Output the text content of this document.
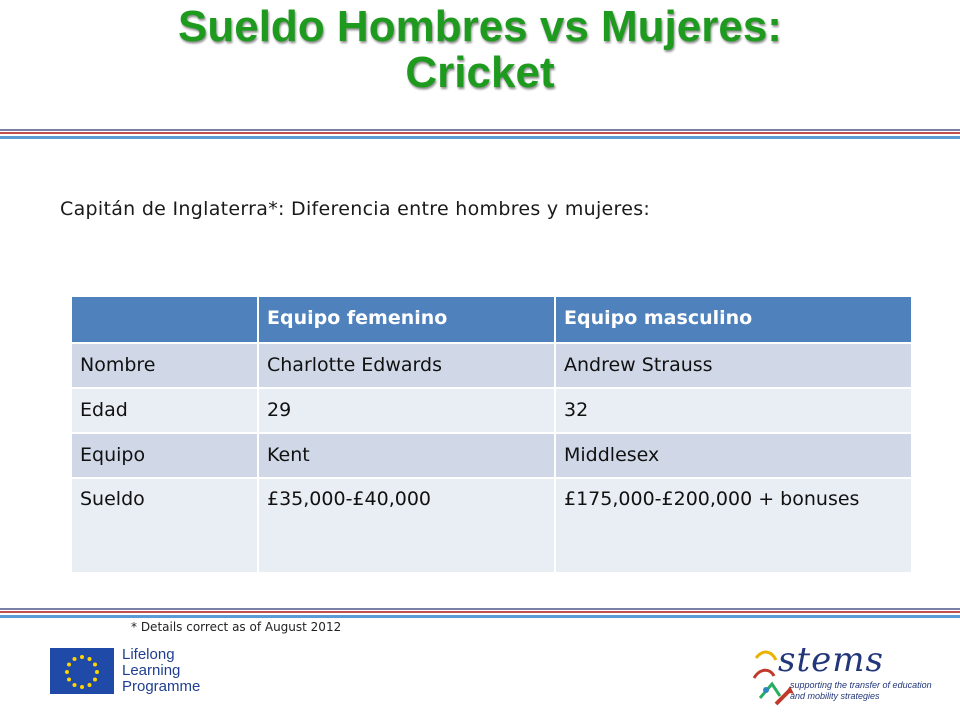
Sueldo Hombres vs Mujeres:
Cricket
Capitán de Inglaterra*: Diferencia entre hombres y mujeres:
	Equipo femenino	Equipo masculino
Nombre	Charlotte Edwards	Andrew Strauss
Edad	29	32
Equipo	Kent	Middlesex
Sueldo	£35,000-£40,000	£175,000-£200,000 + bonuses
* Details correct as of August 2012
Lifelong
Learning
Programme
stems
supporting the transfer of education and mobility strategies
